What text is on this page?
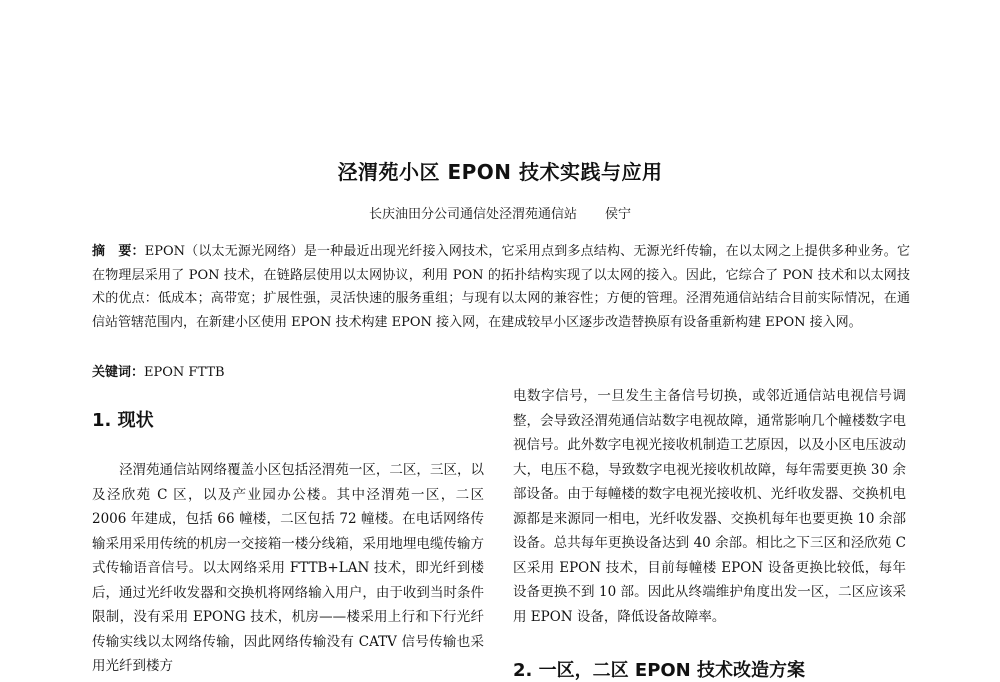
泾渭苑小区 EPON 技术实践与应用
长庆油田分公司通信处泾渭苑通信站 侯宁
摘　要：EPON（以太无源光网络）是一种最近出现光纤接入网技术，它采用点到多点结构、无源光纤传输，在以太网之上提供多种业务。它在物理层采用了 PON 技术，在链路层使用以太网协议，利用 PON 的拓扑结构实现了以太网的接入。因此，它综合了 PON 技术和以太网技术的优点：低成本；高带宽；扩展性强，灵活快速的服务重组；与现有以太网的兼容性；方便的管理。泾渭苑通信站结合目前实际情况，在通信站管辖范围内，在新建小区使用 EPON 技术构建 EPON 接入网，在建成较早小区逐步改造替换原有设备重新构建 EPON 接入网。
关键词：EPON FTTB
1. 现状

泾渭苑通信站网络覆盖小区包括泾渭苑一区，二区，三区，以及泾欣苑 C 区，以及产业园办公楼。其中泾渭苑一区，二区 2006 年建成，包括 66 幢楼，二区包括 72 幢楼。在电话网络传输采用采用传统的机房一交接箱一楼分线箱，采用地埋电缆传输方式传输语音信号。以太网络采用 FTTB+LAN 技术，即光纤到楼后，通过光纤收发器和交换机将网络输入用户，由于收到当时条件限制，没有采用 EPONG 技术，机房——楼采用上行和下行光纤传输实线以太网络传输，因此网络传输没有 CATV 信号传输也采用光纤到楼方

电数字信号，一旦发生主备信号切换，或邻近通信站电视信号调整，会导致泾渭苑通信站数字电视故障，通常影响几个幢楼数字电视信号。此外数字电视光接收机制造工艺原因，以及小区电压波动大，电压不稳，导致数字电视光接收机故障，每年需要更换 30 余部设备。由于每幢楼的数字电视光接收机、光纤收发器、交换机电源都是来源同一相电，光纤收发器、交换机每年也要更换 10 余部设备。总共每年更换设备达到 40 余部。相比之下三区和泾欣苑 C 区采用 EPON 技术，目前每幢楼 EPON 设备更换比较低，每年设备更换不到 10 部。因此从终端维护角度出发一区，二区应该采用 EPON 设备，降低设备故障率。

2. 一区，二区 EPON 技术改造方案
